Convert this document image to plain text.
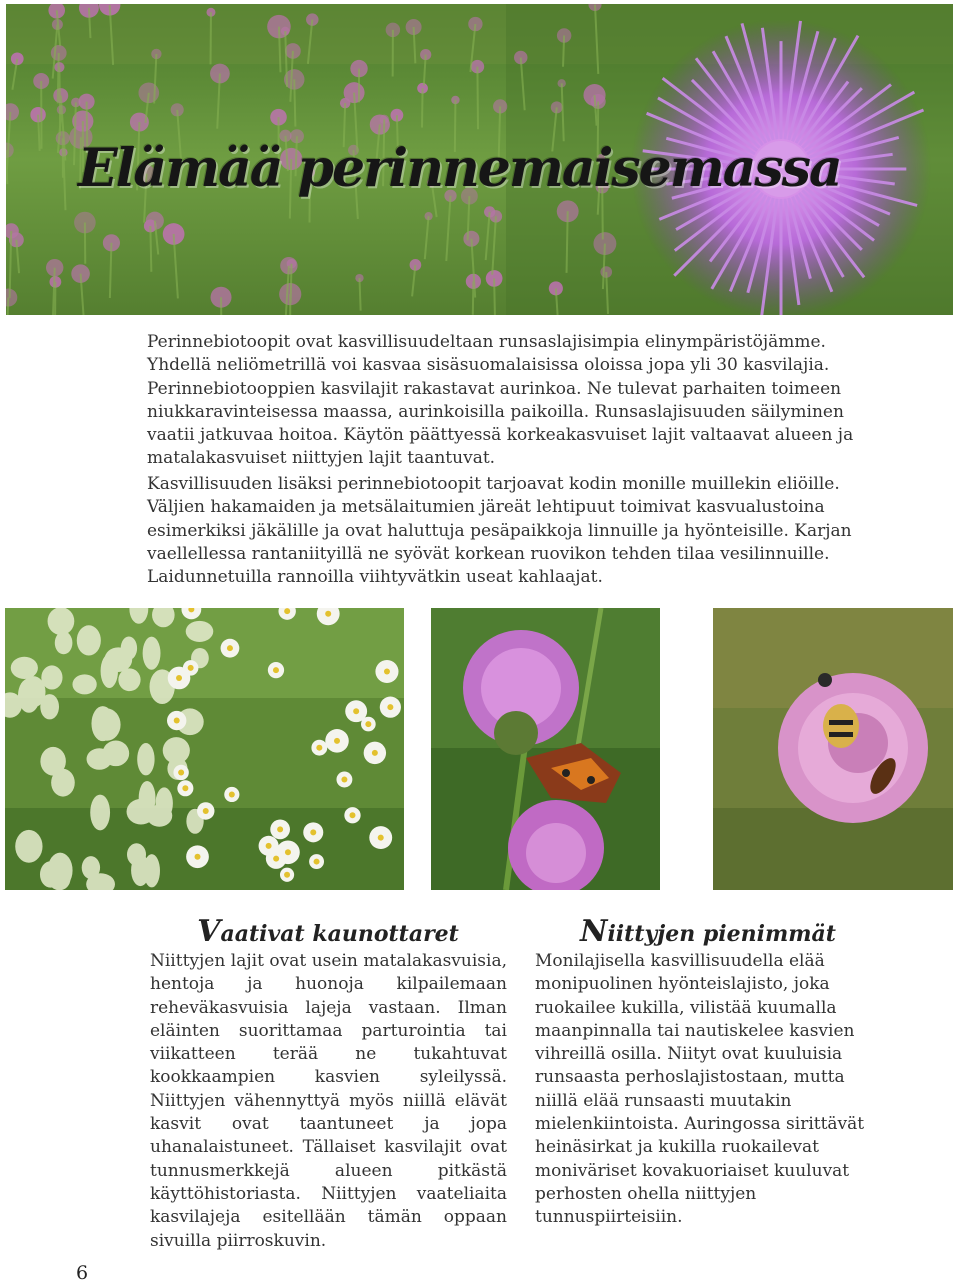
Elämää perinnemaisemassa

Perinnebiotoopit ovat kasvillisuudeltaan runsaslajisimpia elinympäristöjämme. Yhdellä neliömetrillä voi kasvaa sisäsuomalaisissa oloissa jopa yli 30 kasvilajia. Perinnebiotooppien kasvilajit rakastavat aurinkoa. Ne tulevat parhaiten toimeen niukkaravinteisessa maassa, aurinkoisilla paikoilla. Runsaslajisuuden säilyminen vaatii jatkuvaa hoitoa. Käytön päättyessä korkeakasvuiset lajit valtaavat alueen ja matalakasvuiset niittyjen lajit taantuvat.

Kasvillisuuden lisäksi perinnebiotoopit tarjoavat kodin monille muillekin eliöille. Väljien hakamaiden ja metsälaitumien järeät lehtipuut toimivat kasvualustoina esimerkiksi jäkälille ja ovat haluttuja pesäpaikkoja linnuille ja hyönteisille. Karjan vaellellessa rantaniityillä ne syövät korkean ruovikon tehden tilaa vesilinnuille. Laidunnetuilla rannoilla viihtyvätkin useat kahlaajat.

Vaativat kaunottaret

Niittyjen lajit ovat usein matalakasvuisia, hentoja ja huonoja kilpailemaan reheväkasvuisia lajeja vastaan. Ilman eläinten suorittamaa parturointia tai viikatteen terää ne tukahtuvat kookkaampien kasvien syleilyssä. Niittyjen vähennyttyä myös niillä elävät kasvit ovat taantuneet ja jopa uhanalaistuneet. Tällaiset kasvilajit ovat tunnusmerkkejä alueen pitkästä käyttöhistoriasta. Niittyjen vaateliaita kasvilajeja esitellään tämän oppaan sivuilla piirroskuvin.

Niittyjen pienimmät

Monilajisella kasvillisuudella elää monipuolinen hyönteislajisto, joka ruokailee kukilla, vilistää kuumalla maanpinnalla tai nautiskelee kasvien vihreillä osilla. Niityt ovat kuuluisia runsaasta perhoslajistostaan, mutta niillä elää runsaasti muutakin mielenkiintoista. Auringossa sirittävät heinäsirkat ja kukilla ruokailevat moniväriset kovakuoriaiset kuuluvat perhosten ohella niittyjen tunnuspiirteisiin.

6
